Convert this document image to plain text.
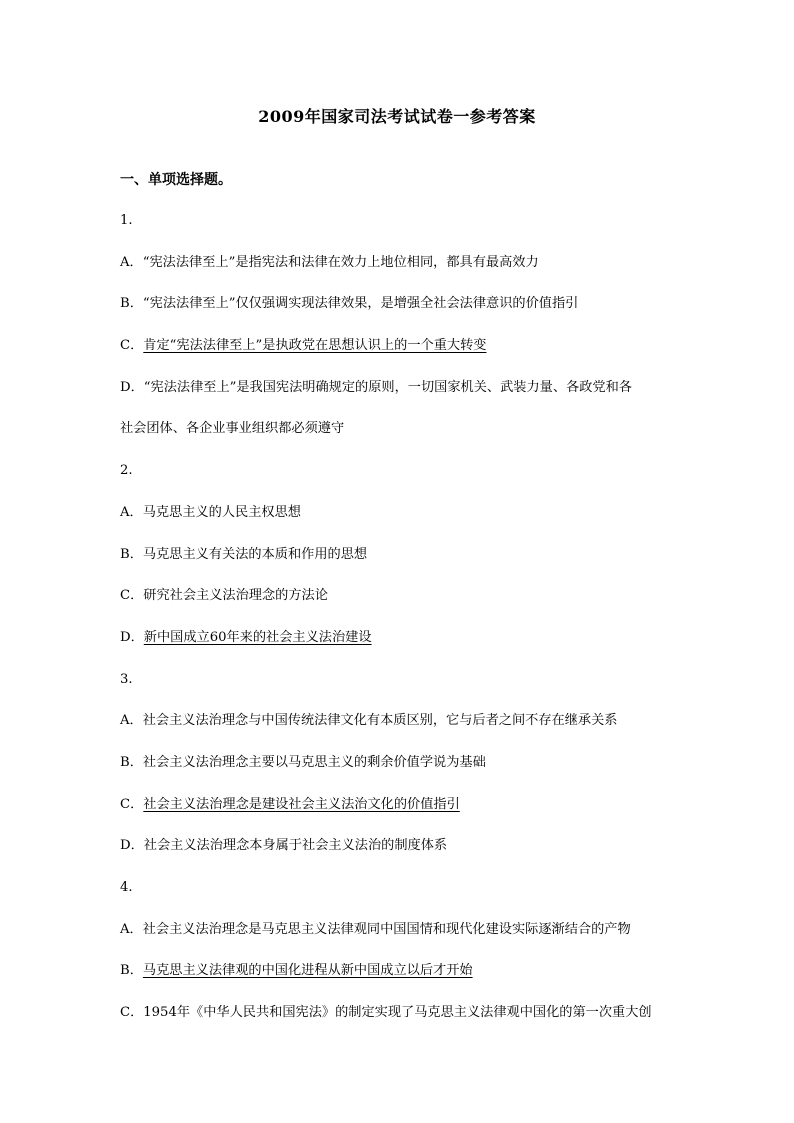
2009年国家司法考试试卷一参考答案
一、单项选择题。
1.
A．“宪法法律至上”是指宪法和法律在效力上地位相同，都具有最高效力
B．“宪法法律至上”仅仅强调实现法律效果，是增强全社会法律意识的价值指引
C．肯定“宪法法律至上”是执政党在思想认识上的一个重大转变
D．“宪法法律至上”是我国宪法明确规定的原则，一切国家机关、武装力量、各政党和各
社会团体、各企业事业组织都必须遵守
2.
A．马克思主义的人民主权思想
B．马克思主义有关法的本质和作用的思想
C．研究社会主义法治理念的方法论
D．新中国成立60年来的社会主义法治建设
3.
A．社会主义法治理念与中国传统法律文化有本质区别，它与后者之间不存在继承关系
B．社会主义法治理念主要以马克思主义的剩余价值学说为基础
C．社会主义法治理念是建设社会主义法治文化的价值指引
D．社会主义法治理念本身属于社会主义法治的制度体系
4.
A．社会主义法治理念是马克思主义法律观同中国国情和现代化建设实际逐渐结合的产物
B．马克思主义法律观的中国化进程从新中国成立以后才开始
C．1954年《中华人民共和国宪法》的制定实现了马克思主义法律观中国化的第一次重大创
